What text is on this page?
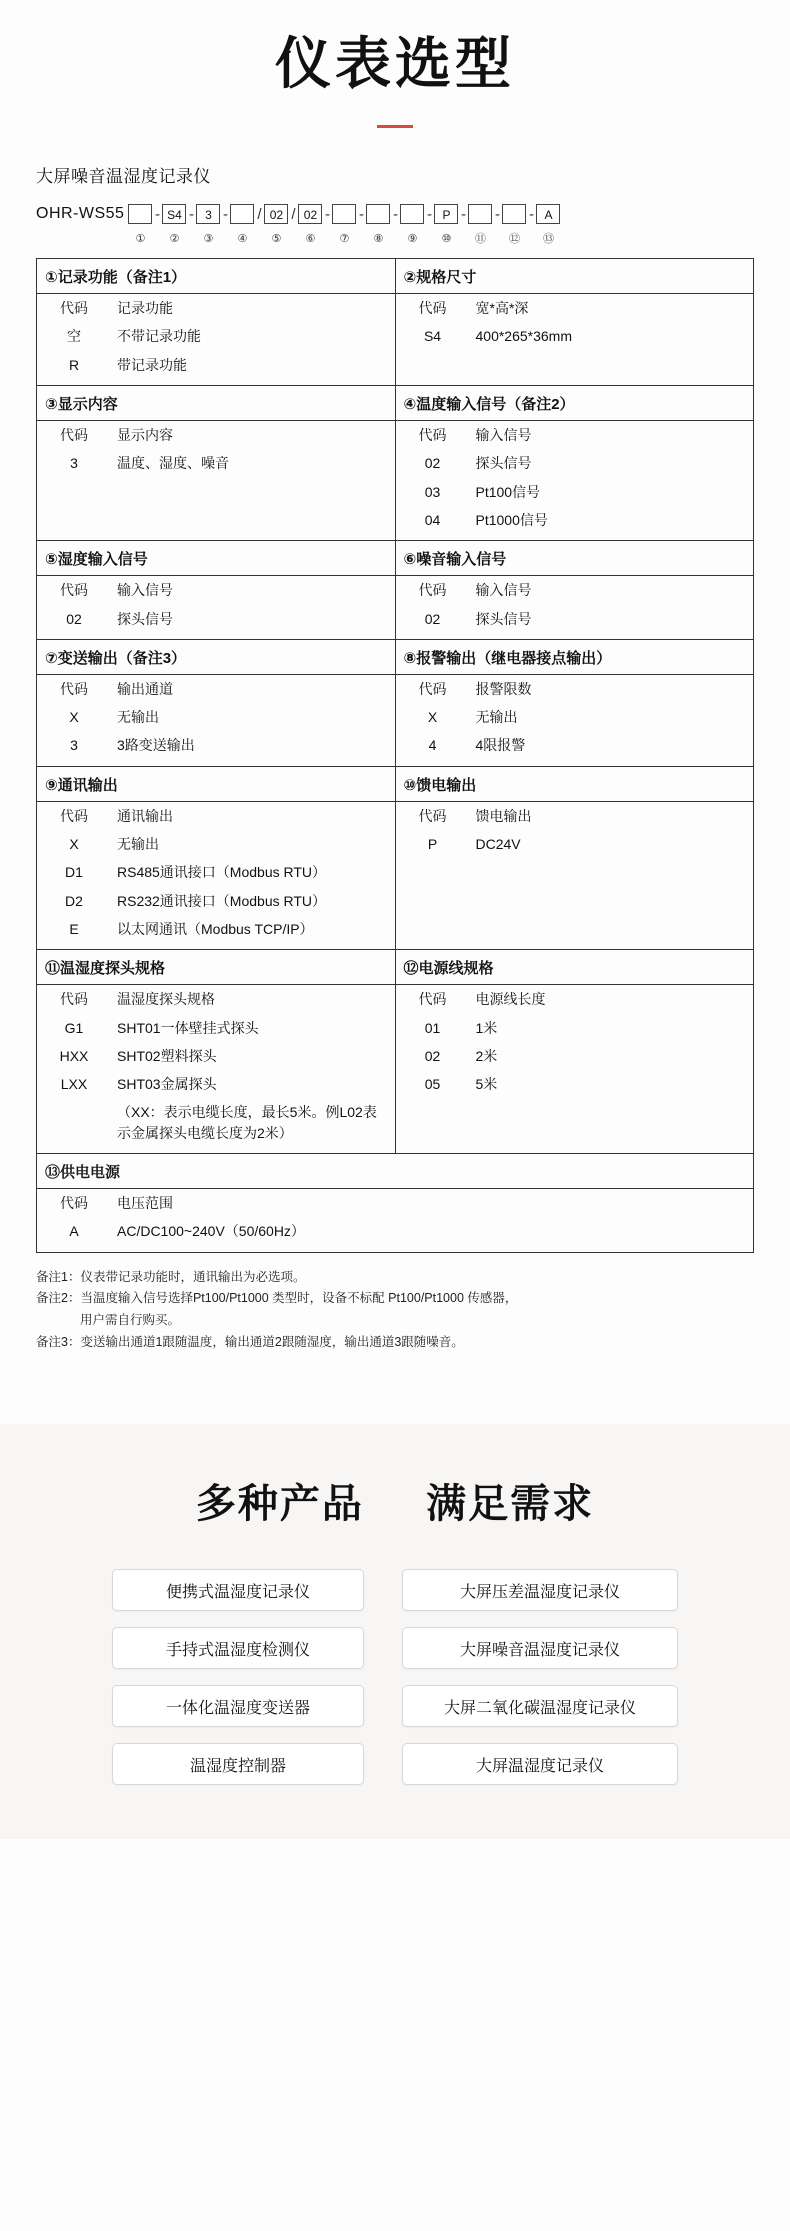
仪表选型
大屏噪音温湿度记录仪
OHR-WS55 - S4 - 3 - / 02 / 02 - - - - P - - - A
①	②	③	④	⑤	⑥	⑦	⑧	⑨	⑩	⑪	⑫	⑬
①记录功能（备注1）
代码	记录功能
空	不带记录功能
R	带记录功能

②规格尺寸
代码	宽*高*深
S4	400*265*36mm

③显示内容
代码	显示内容
3	温度、湿度、噪音

④温度输入信号（备注2）
代码	输入信号
02	探头信号
03	Pt100信号
04	Pt1000信号

⑤湿度输入信号
代码	输入信号
02	探头信号

⑥噪音输入信号
代码	输入信号
02	探头信号

⑦变送输出（备注3）
代码	输出通道
X	无输出
3	3路变送输出

⑧报警输出（继电器接点输出）
代码	报警限数
X	无输出
4	4限报警

⑨通讯输出
代码	通讯输出
X	无输出
D1	RS485通讯接口（Modbus RTU）
D2	RS232通讯接口（Modbus RTU）
E	以太网通讯（Modbus TCP/IP）

⑩馈电输出
代码	馈电输出
P	DC24V

⑪温湿度探头规格
代码	温湿度探头规格
G1	SHT01一体壁挂式探头
HXX	SHT02塑料探头
LXX	SHT03金属探头
	（XX：表示电缆长度，最长5米。例L02表示金属探头电缆长度为2米）

⑫电源线规格
代码	电源线长度
01	1米
02	2米
05	5米

⑬供电电源
代码	电压范围
A	AC/DC100~240V（50/60Hz）
备注1：仪表带记录功能时，通讯输出为必选项。
备注2：当温度输入信号选择Pt100/Pt1000 类型时，设备不标配 Pt100/Pt1000 传感器，
用户需自行购买。
备注3：变送输出通道1跟随温度，输出通道2跟随湿度，输出通道3跟随噪音。
多种产品 满足需求
便携式温湿度记录仪
手持式温湿度检测仪
一体化温湿度变送器
温湿度控制器
大屏压差温湿度记录仪
大屏噪音温湿度记录仪
大屏二氧化碳温湿度记录仪
大屏温湿度记录仪
